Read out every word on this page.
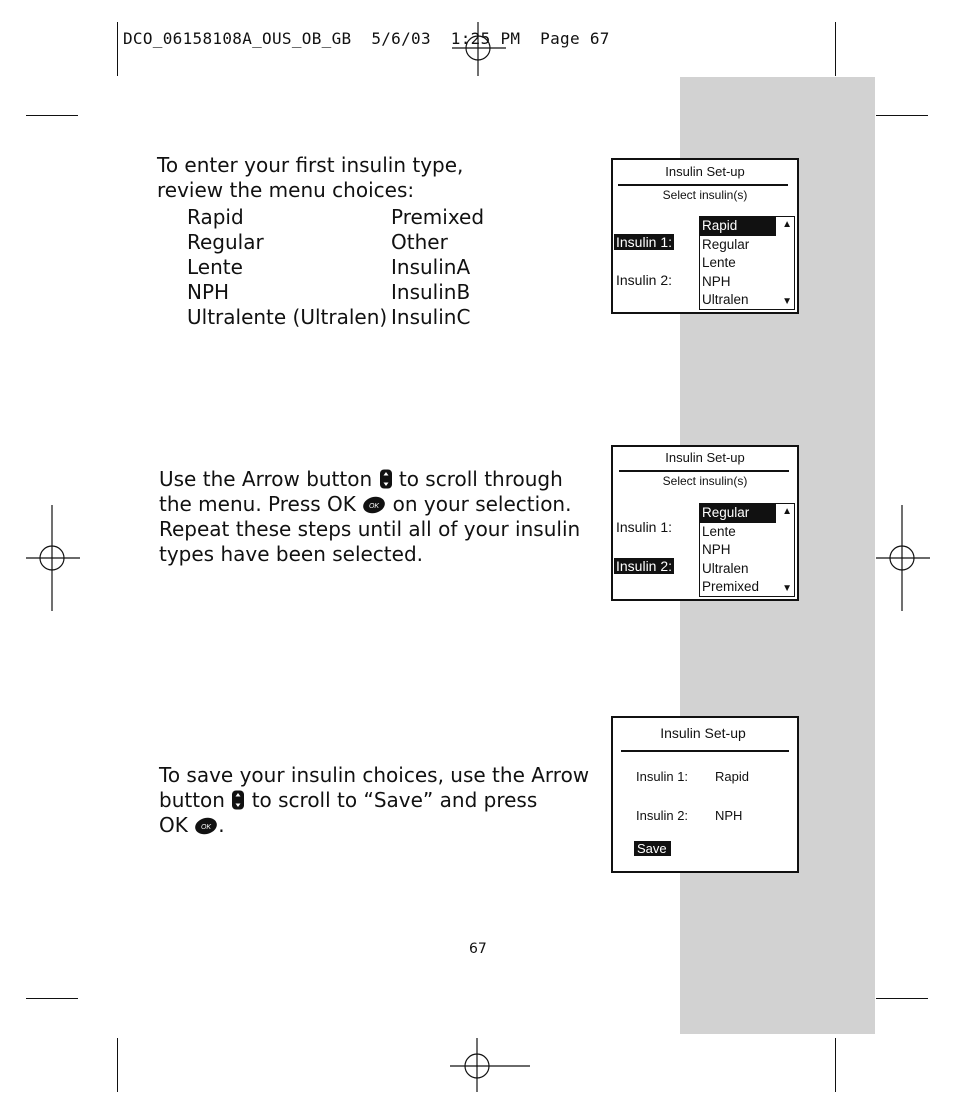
DCO_06158108A_OUS_OB_GB  5/6/03  1:25 PM  Page 67
To enter your first insulin type,
review the menu choices:
Rapid	Premixed
Regular	Other
Lente	InsulinA
NPH	InsulinB
Ultralente (Ultralen) InsulinC
Use the Arrow button to scroll through
the menu. Press OK OK on your selection.
Repeat these steps until all of your insulin
types have been selected.
To save your insulin choices, use the Arrow
button to scroll to “Save” and press
OK OK .
Insulin Set-up
Select insulin(s)
Insulin 1:
Insulin 2:
Rapid
Regular
Lente
NPH
Ultralen
▲
▼
Insulin Set-up
Select insulin(s)
Insulin 1:
Insulin 2:
Regular
Lente
NPH
Ultralen
Premixed
▲
▼
Insulin Set-up
Insulin 1: Rapid
Insulin 2: NPH
Save
67
